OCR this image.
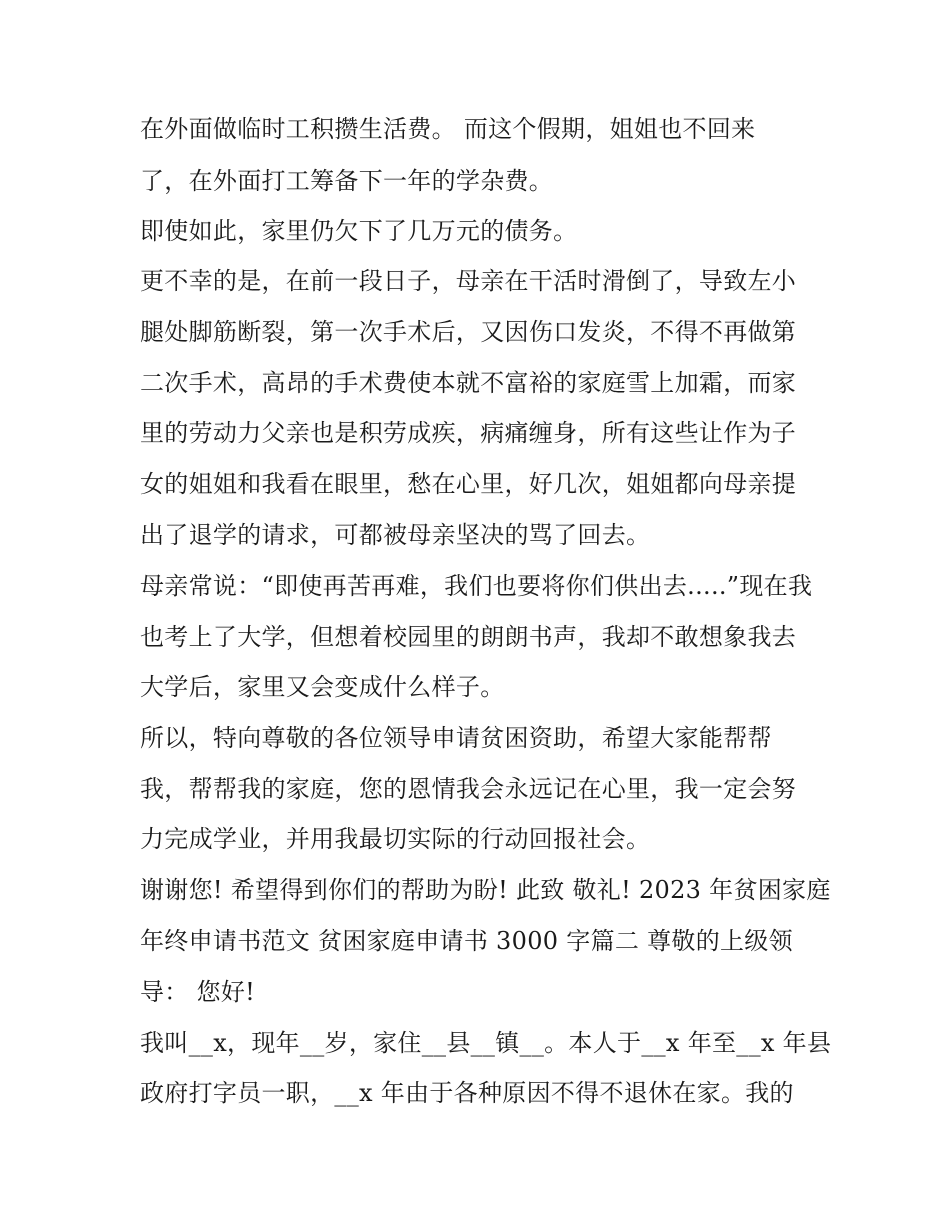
在外面做临时工积攒生活费。 而这个假期，姐姐也不回来
了，在外面打工筹备下一年的学杂费。
即使如此，家里仍欠下了几万元的债务。
更不幸的是，在前一段日子，母亲在干活时滑倒了，导致左小
腿处脚筋断裂，第一次手术后，又因伤口发炎，不得不再做第
二次手术，高昂的手术费使本就不富裕的家庭雪上加霜，而家
里的劳动力父亲也是积劳成疾，病痛缠身，所有这些让作为子
女的姐姐和我看在眼里，愁在心里，好几次，姐姐都向母亲提
出了退学的请求，可都被母亲坚决的骂了回去。
母亲常说：“即使再苦再难，我们也要将你们供出去.....”现在我
也考上了大学，但想着校园里的朗朗书声，我却不敢想象我去
大学后，家里又会变成什么样子。
所以，特向尊敬的各位领导申请贫困资助，希望大家能帮帮
我，帮帮我的家庭，您的恩情我会永远记在心里，我一定会努
力完成学业，并用我最切实际的行动回报社会。
谢谢您! 希望得到你们的帮助为盼! 此致 敬礼! 2023 年贫困家庭
年终申请书范文 贫困家庭申请书 3000 字篇二 尊敬的上级领
导： 您好!
我叫__x，现年__岁，家住__县__镇__。本人于__x 年至__x 年县
政府打字员一职，__x 年由于各种原因不得不退休在家。我的
